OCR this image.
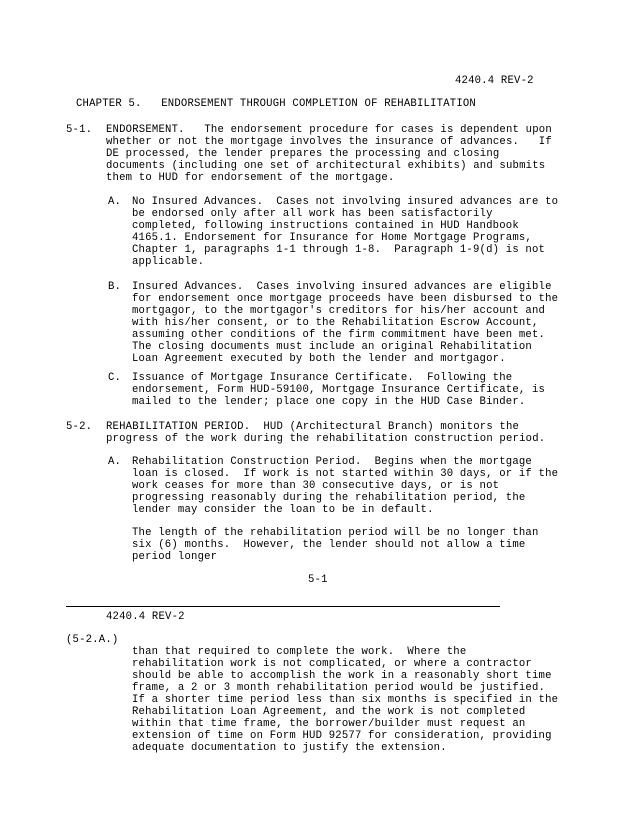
4240.4 REV-2
CHAPTER 5.   ENDORSEMENT THROUGH COMPLETION OF REHABILITATION
5-1. ENDORSEMENT.   The endorsement procedure for cases is dependent upon
whether or not the mortgage involves the insurance of advances.   If
DE processed, the lender prepares the processing and closing
documents (including one set of architectural exhibits) and submits
them to HUD for endorsement of the mortgage.
A. No Insured Advances.  Cases not involving insured advances are to
be endorsed only after all work has been satisfactorily
completed, following instructions contained in HUD Handbook
4165.1. Endorsement for Insurance for Home Mortgage Programs,
Chapter 1, paragraphs 1-1 through 1-8.  Paragraph 1-9(d) is not
applicable.
B. Insured Advances.  Cases involving insured advances are eligible
for endorsement once mortgage proceeds have been disbursed to the
mortgagor, to the mortgagor's creditors for his/her account and
with his/her consent, or to the Rehabilitation Escrow Account,
assuming other conditions of the firm commitment have been met.
The closing documents must include an original Rehabilitation
Loan Agreement executed by both the lender and mortgagor.
C. Issuance of Mortgage Insurance Certificate.  Following the
endorsement, Form HUD-59100, Mortgage Insurance Certificate, is
mailed to the lender; place one copy in the HUD Case Binder.
5-2. REHABILITATION PERIOD.  HUD (Architectural Branch) monitors the
progress of the work during the rehabilitation construction period.
A. Rehabilitation Construction Period.  Begins when the mortgage
loan is closed.  If work is not started within 30 days, or if the
work ceases for more than 30 consecutive days, or is not
progressing reasonably during the rehabilitation period, the
lender may consider the loan to be in default.
The length of the rehabilitation period will be no longer than
six (6) months.  However, the lender should not allow a time
period longer
5-1
4240.4 REV-2
(5-2.A.)
than that required to complete the work.  Where the
rehabilitation work is not complicated, or where a contractor
should be able to accomplish the work in a reasonably short time
frame, a 2 or 3 month rehabilitation period would be justified.
If a shorter time period less than six months is specified in the
Rehabilitation Loan Agreement, and the work is not completed
within that time frame, the borrower/builder must request an
extension of time on Form HUD 92577 for consideration, providing
adequate documentation to justify the extension.
